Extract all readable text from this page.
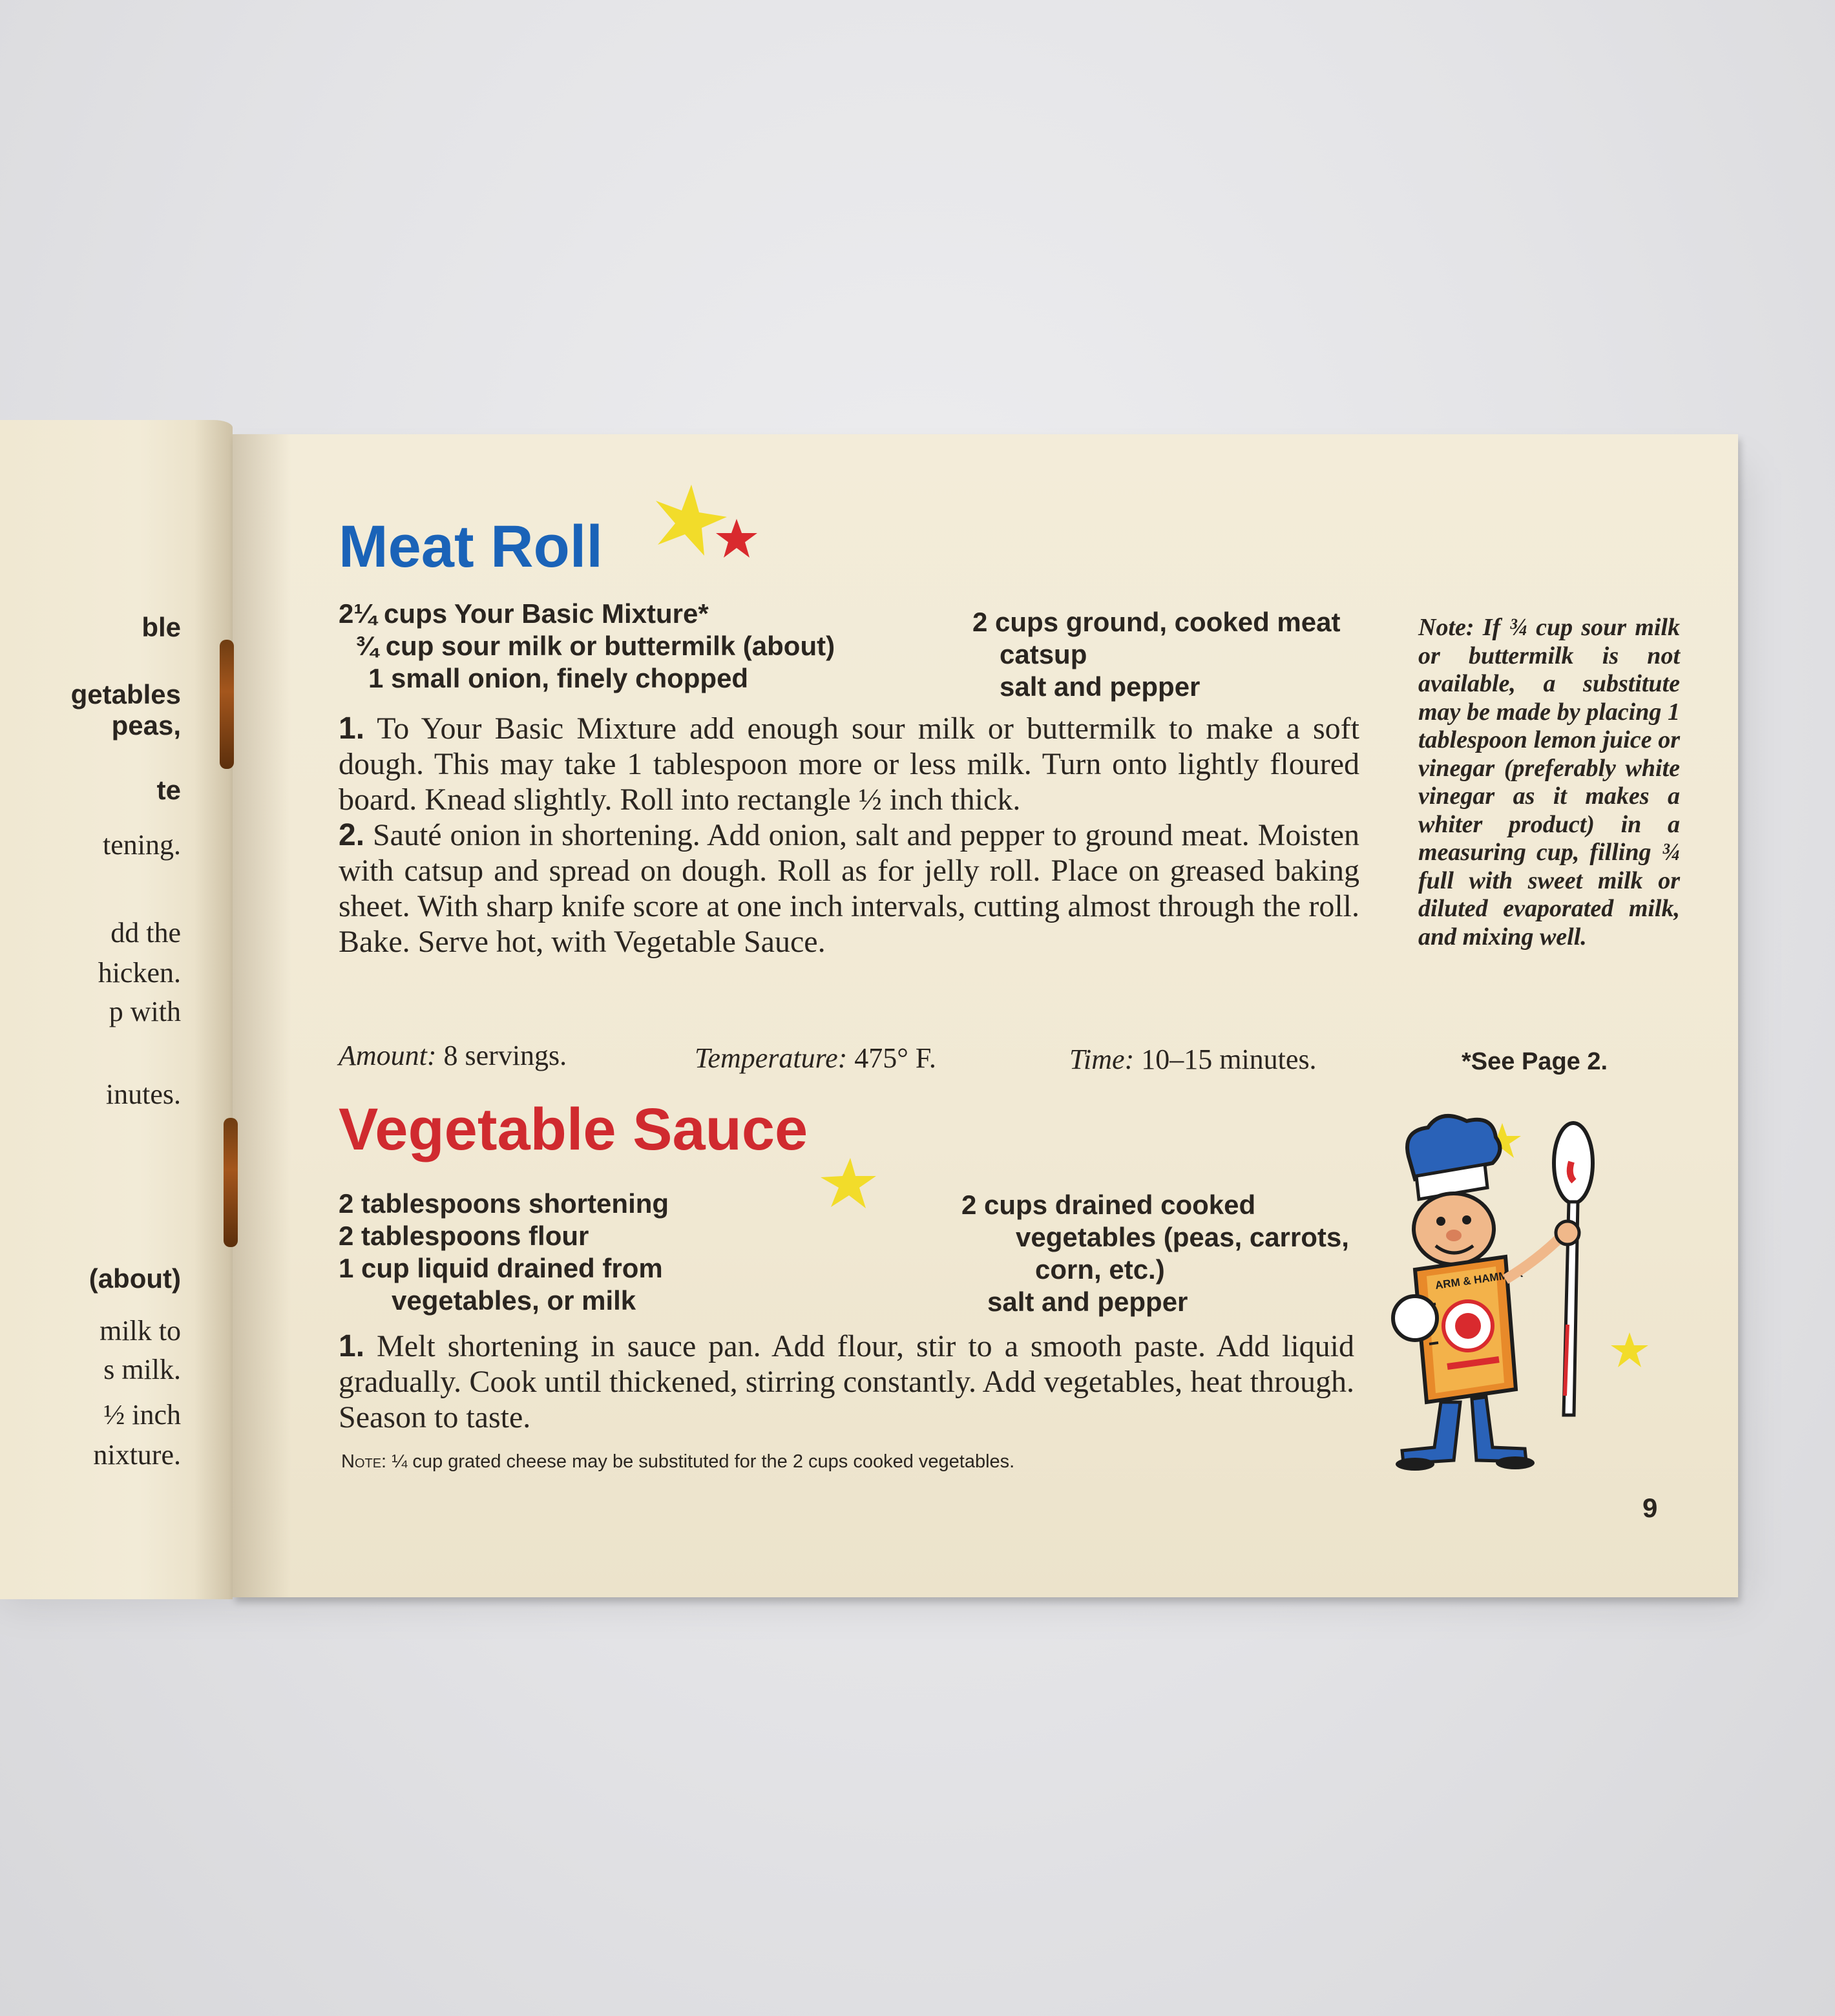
ble
getables
peas,
te
tening.
dd the
hicken.
p with
inutes.
(about)
milk to
s milk.
½ inch
nixture.
Meat Roll
2¼ cups Your Basic Mixture*
¾ cup sour milk or buttermilk (about)
1 small onion, finely chopped
2 cups ground, cooked meat
catsup
salt and pepper

1. To Your Basic Mixture add enough sour milk or buttermilk to make a soft dough. This may take 1 tablespoon more or less milk. Turn onto lightly floured board. Knead slightly. Roll into rectangle ½ inch thick.

2. Sauté onion in shortening. Add onion, salt and pepper to ground meat. Moisten with catsup and spread on dough. Roll as for jelly roll. Place on greased baking sheet. With sharp knife score at one inch intervals, cutting almost through the roll. Bake. Serve hot, with Vegetable Sauce.

Amount: 8 servings.	Temperature: 475° F.	Time: 10–15 minutes.
Note: If ¾ cup sour milk or buttermilk is not available, a substitute may be made by placing 1 tablespoon lemon juice or vinegar (preferably white vinegar as it makes a whiter product) in a measuring cup, filling ¾ full with sweet milk or diluted evaporated milk, and mixing well.
*See Page 2.
Vegetable Sauce
2 tablespoons shortening
2 tablespoons flour
1 cup liquid drained from
vegetables, or milk
2 cups drained cooked
vegetables (peas, carrots,
corn, etc.)
salt and pepper

1. Melt shortening in sauce pan. Add flour, stir to a smooth paste. Add liquid gradually. Cook until thickened, stirring constantly. Add vegetables, heat through. Season to taste.

Note: ¼ cup grated cheese may be substituted for the 2 cups cooked vegetables.
ARM & HAMMER
9
